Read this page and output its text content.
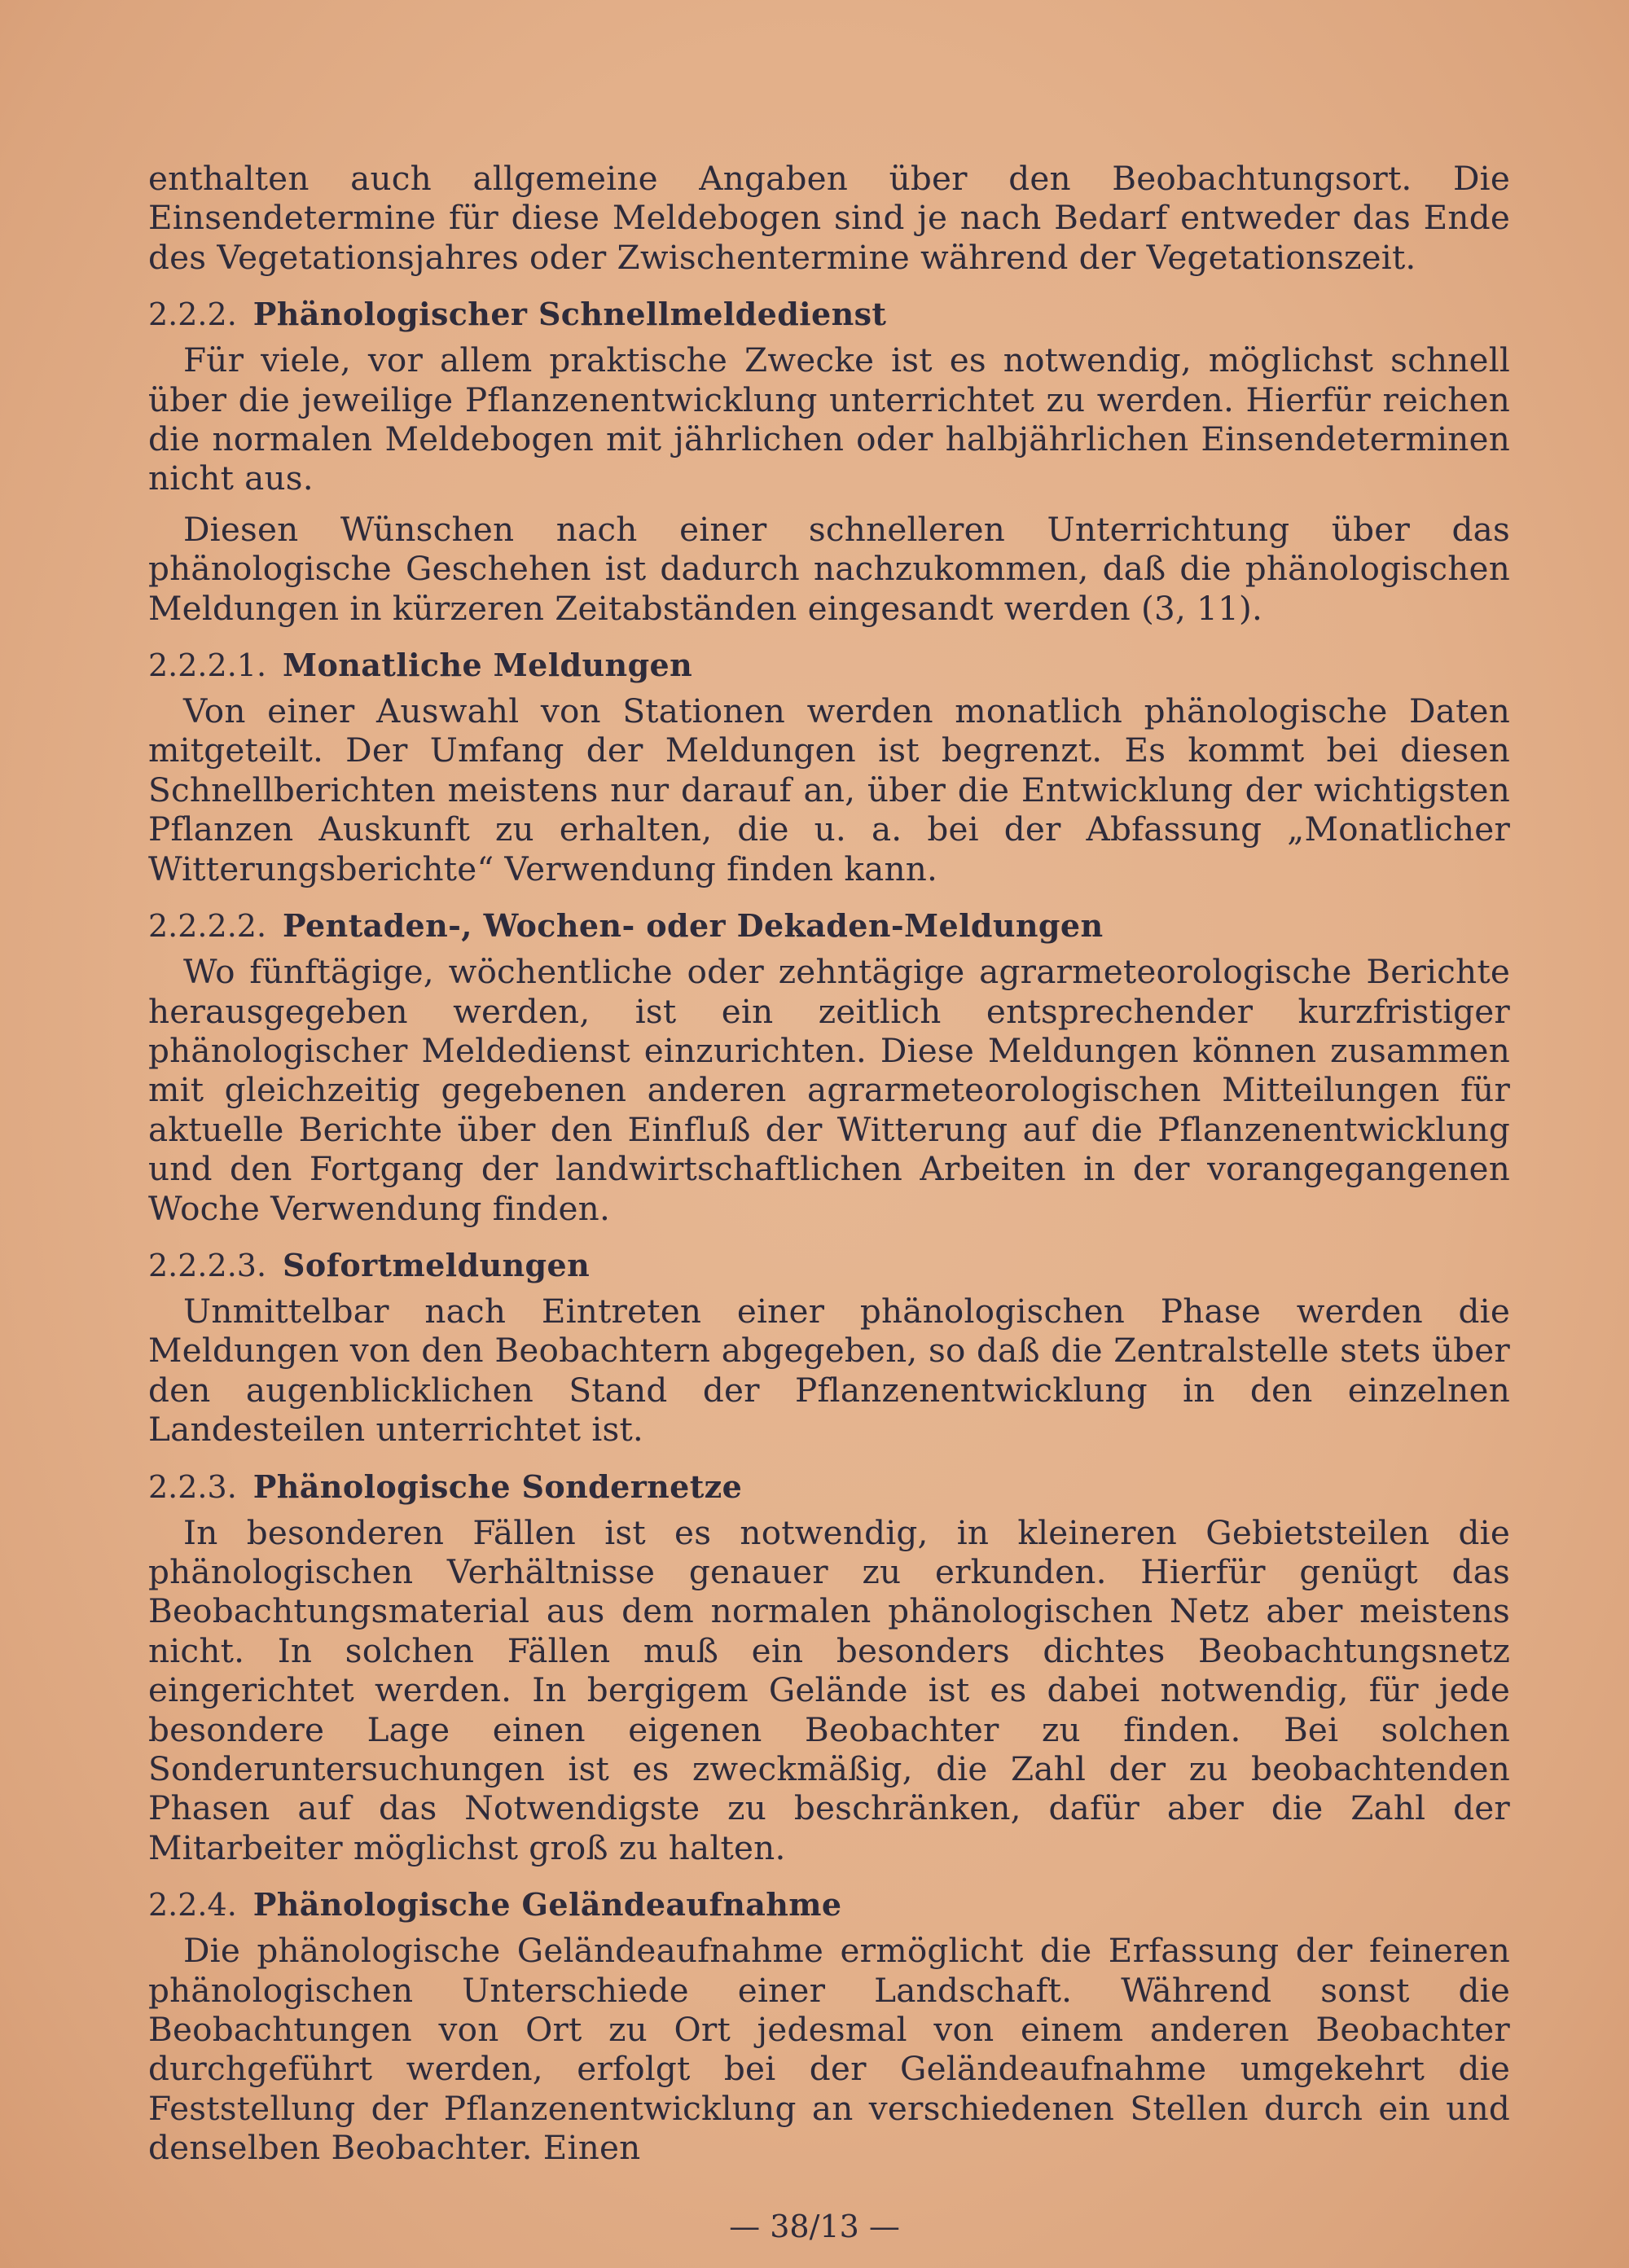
enthalten auch allgemeine Angaben über den Beobachtungsort. Die Einsendetermine für diese Meldebogen sind je nach Bedarf entweder das Ende des Vegetationsjahres oder Zwischentermine während der Vegetationszeit.

2.2.2. Phänologischer Schnellmeldedienst

Für viele, vor allem praktische Zwecke ist es notwendig, möglichst schnell über die jeweilige Pflanzenentwicklung unterrichtet zu werden. Hierfür reichen die normalen Meldebogen mit jährlichen oder halbjährlichen Einsendeterminen nicht aus.

Diesen Wünschen nach einer schnelleren Unterrichtung über das phänologische Geschehen ist dadurch nachzukommen, daß die phänologischen Meldungen in kürzeren Zeitabständen eingesandt werden (3, 11).

2.2.2.1. Monatliche Meldungen

Von einer Auswahl von Stationen werden monatlich phänologische Daten mitgeteilt. Der Umfang der Meldungen ist begrenzt. Es kommt bei diesen Schnellberichten meistens nur darauf an, über die Entwicklung der wichtigsten Pflanzen Auskunft zu erhalten, die u. a. bei der Abfassung „Monatlicher Witterungsberichte“ Verwendung finden kann.

2.2.2.2. Pentaden-, Wochen- oder Dekaden-Meldungen

Wo fünftägige, wöchentliche oder zehntägige agrarmeteorologische Berichte herausgegeben werden, ist ein zeitlich entsprechender kurzfristiger phänologischer Meldedienst einzurichten. Diese Meldungen können zusammen mit gleichzeitig gegebenen anderen agrarmeteorologischen Mitteilungen für aktuelle Berichte über den Einfluß der Witterung auf die Pflanzenentwicklung und den Fortgang der landwirtschaftlichen Arbeiten in der vorangegangenen Woche Verwendung finden.

2.2.2.3. Sofortmeldungen

Unmittelbar nach Eintreten einer phänologischen Phase werden die Meldungen von den Beobachtern abgegeben, so daß die Zentralstelle stets über den augenblicklichen Stand der Pflanzenentwicklung in den einzelnen Landesteilen unterrichtet ist.

2.2.3. Phänologische Sondernetze

In besonderen Fällen ist es notwendig, in kleineren Gebietsteilen die phänologischen Verhältnisse genauer zu erkunden. Hierfür genügt das Beobachtungsmaterial aus dem normalen phänologischen Netz aber meistens nicht. In solchen Fällen muß ein besonders dichtes Beobachtungsnetz eingerichtet werden. In bergigem Gelände ist es dabei notwendig, für jede besondere Lage einen eigenen Beobachter zu finden. Bei solchen Sonderuntersuchungen ist es zweckmäßig, die Zahl der zu beobachtenden Phasen auf das Notwendigste zu beschränken, dafür aber die Zahl der Mitarbeiter möglichst groß zu halten.

2.2.4. Phänologische Geländeaufnahme

Die phänologische Geländeaufnahme ermöglicht die Erfassung der feineren phänologischen Unterschiede einer Landschaft. Während sonst die Beobachtungen von Ort zu Ort jedesmal von einem anderen Beobachter durchgeführt werden, erfolgt bei der Geländeaufnahme umgekehrt die Feststellung der Pflanzenentwicklung an verschiedenen Stellen durch ein und denselben Beobachter. Einen

— 38/13 —
